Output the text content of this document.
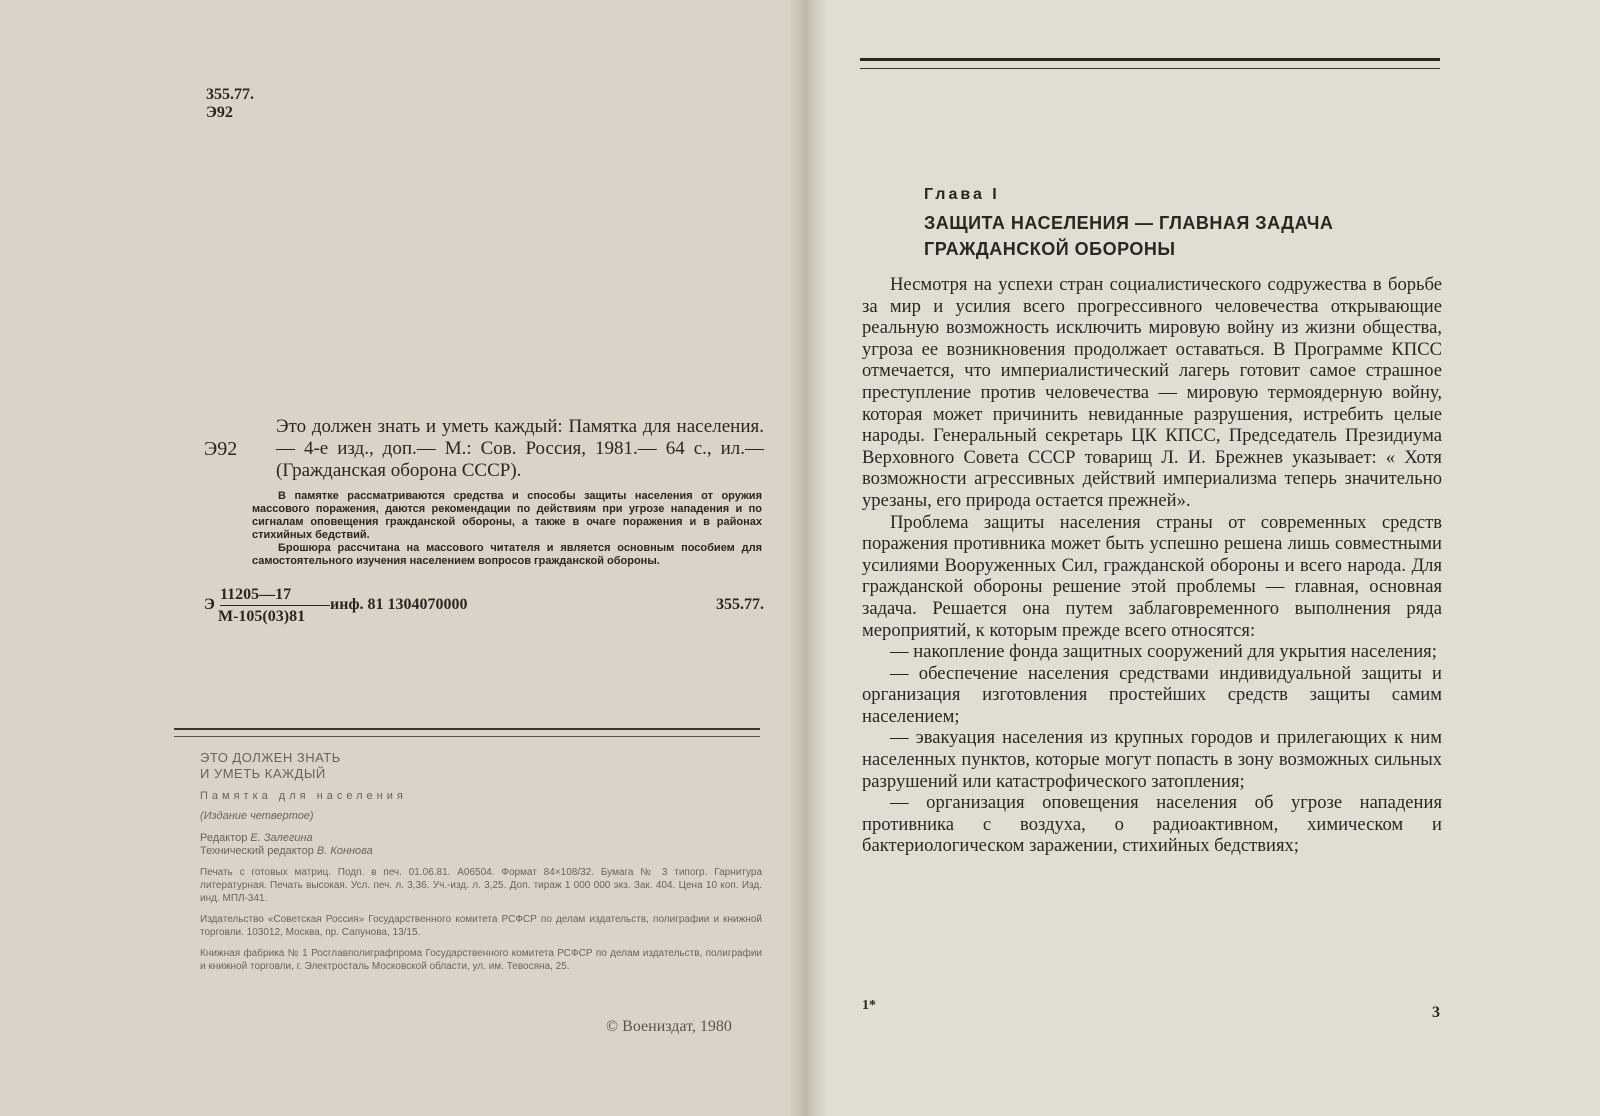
355.77.
Э92
Э92
Это должен знать и уметь каждый: Памятка для населения.— 4-е изд., доп.— М.: Сов. Россия, 1981.— 64 с., ил.— (Гражданская оборона СССР).

В памятке рассматриваются средства и способы защиты населения от оружия массового поражения, даются рекомендации по действиям при угрозе нападения и по сигналам оповещения гражданской обороны, а также в очаге поражения и в районах стихийных бедствий.

Брошюра рассчитана на массового читателя и является основным пособием для самостоятельного изучения населением вопросов гражданской обороны.

Э
11205—17
М-105(03)81
инф. 81 1304070000	355.77.
ЭТО ДОЛЖЕН ЗНАТЬ
И УМЕТЬ КАЖДЫЙ
Памятка для населения
(Издание четвертое)
Редактор Е. Залегина
Технический редактор В. Коннова
Печать с готовых матриц. Подп. в печ. 01.06.81. А06504. Формат 84×108/32. Бумага № 3 типогр. Гарнитура литературная. Печать высокая. Усл. печ. л. 3,36. Уч.-изд. л. 3,25. Доп. тираж 1 000 000 экз. Зак. 404. Цена 10 коп. Изд. инд. МПЛ-341.
Издательство «Советская Россия» Государственного комитета РСФСР по делам издательств, полиграфии и книжной торговли. 103012, Москва, пр. Сапунова, 13/15.
Книжная фабрика № 1 Росглавполиграфпрома Государственного комитета РСФСР по делам издательств, полиграфии и книжной торговли, г. Электросталь Московской области, ул. им. Тевосяна, 25.
© Воениздат, 1980
Глава I
ЗАЩИТА НАСЕЛЕНИЯ — ГЛАВНАЯ ЗАДАЧА
ГРАЖДАНСКОЙ ОБОРОНЫ

Несмотря на успехи стран социалистического содружества в борьбе за мир и усилия всего прогрессивного человечества открывающие реальную возможность исключить мировую войну из жизни общества, угроза ее возникновения продолжает оставаться. В Программе КПСС отмечается, что империалистический лагерь готовит самое страшное преступление против человечества — мировую термоядерную войну, которая может причинить невиданные разрушения, истребить целые народы. Генеральный секретарь ЦК КПСС, Председатель Президиума Верховного Совета СССР товарищ Л. И. Брежнев указывает: « Хотя возможности агрессивных действий империализма теперь значительно урезаны, его природа остается прежней».

Проблема защиты населения страны от современных средств поражения противника может быть успешно решена лишь совместными усилиями Вооруженных Сил, гражданской обороны и всего народа. Для гражданской обороны решение этой проблемы — главная, основная задача. Решается она путем заблаговременного выполнения ряда мероприятий, к которым прежде всего относятся:

— накопление фонда защитных сооружений для укрытия населения;

— обеспечение населения средствами индивидуальной защиты и организация изготовления простейших средств защиты самим населением;

— эвакуация населения из крупных городов и прилегающих к ним населенных пунктов, которые могут попасть в зону возможных сильных разрушений или катастрофического затопления;

— организация оповещения населения об угрозе нападения противника с воздуха, о радиоактивном, химическом и бактериологическом заражении, стихийных бедствиях;

1*	3
